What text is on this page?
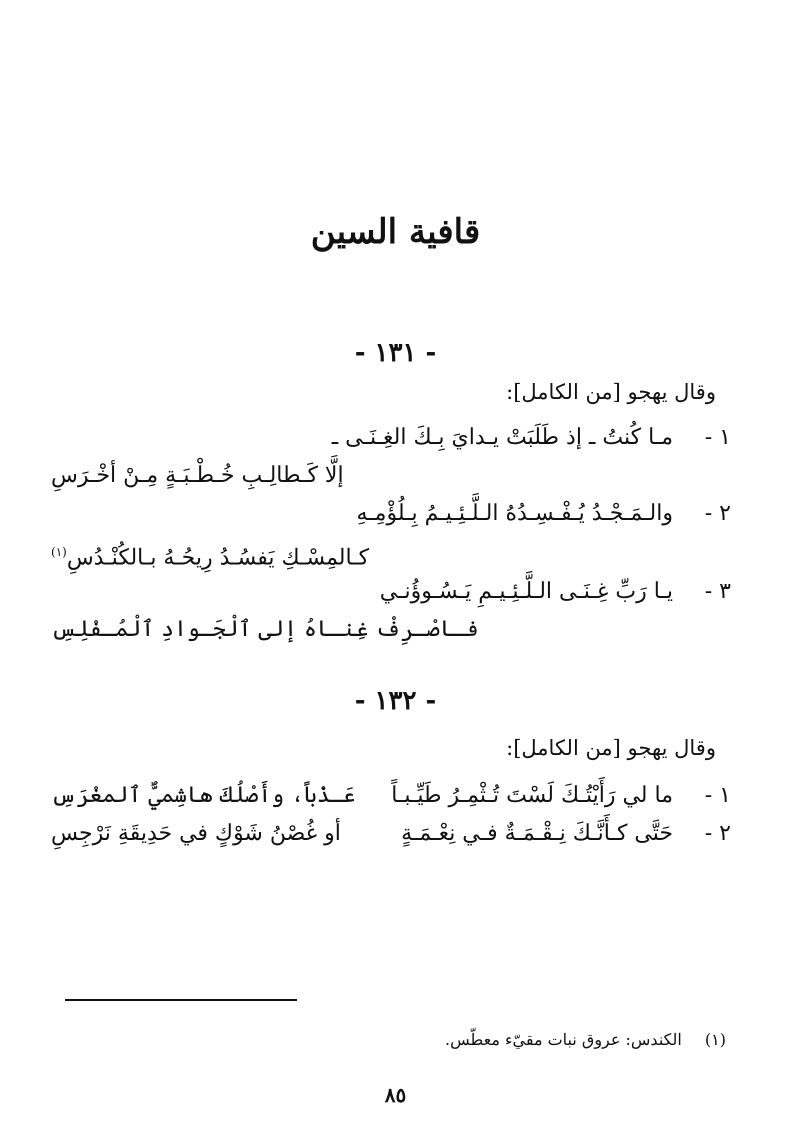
قافية السين
- ١٣١ -
وقال يهجو [من الكامل]:
١ -
مـا كُنتُ ـ إذ طَلَبَتْ يـدايَ بِـكَ الغِـنَـى ـ
إلَّا كَـطالِـبِ خُـطْـبَـةٍ مِـنْ أخْـرَسِ
٢ -
والـمَـجْـدُ يُـفْـسِـدُهُ الـلَّـئِـيـمُ بِـلُؤْمِـهِ
كـالمِسْـكِ يَفسُـدُ رِيحُـهُ بـالكُنْـدُسِ$^{(١)}$
٣ -
يـا رَبِّ غِـنَـى الـلَّـئِـيـمِ يَـسُـوؤُنـي
فـاصْـرِفْ غِنـاهُ إلى ٱلْجَـوادِ ٱلْمُـفْلِسِ
- ١٣٢ -
وقال يهجو [من الكامل]:
١ -
ما لي رَأَيْتُـكَ لَسْتَ تُـثْمِـرُ طَيِّـبـاً
عَـذْباً، وأَصْلُكَ هاشِميٌّ ٱلمغْرَسِ
٢ -
حَتَّى كـأَنَّـكَ نِـقْـمَـةٌ فـي نِعْـمَـةٍ
أو غُصْنُ شَوْكٍ في حَدِيقَةِ نَرْجِسِ
(١) الكندس: عروق نبات مقيّء معطّس.
٨٥
